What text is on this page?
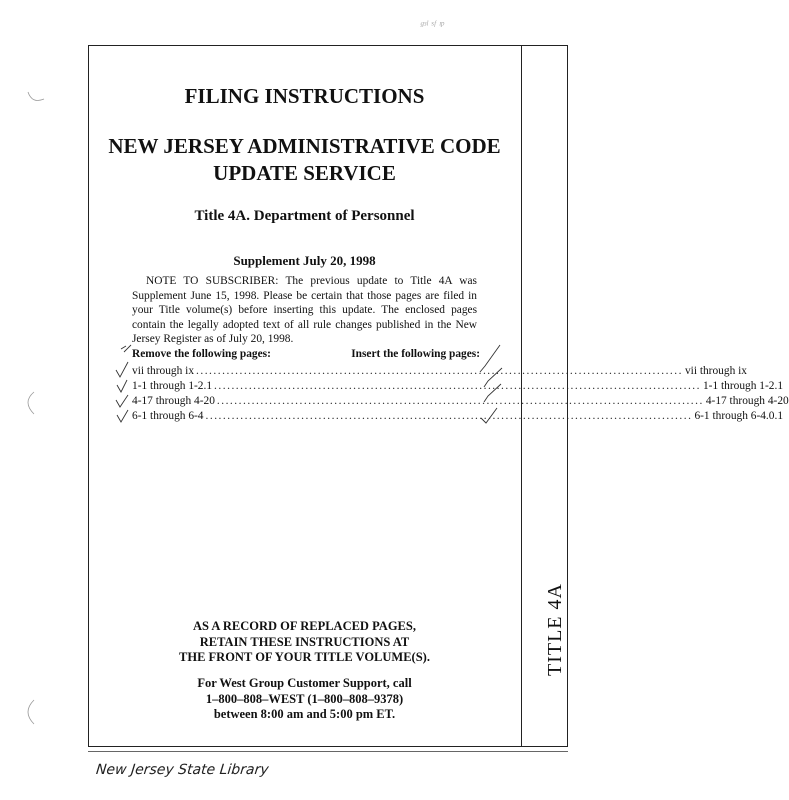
ᵍᵌˡ ˢᶠ ᶦᵖ
TITLE 4A
FILING INSTRUCTIONS
NEW JERSEY ADMINISTRATIVE CODE
UPDATE SERVICE
Title 4A. Department of Personnel
Supplement July 20, 1998
NOTE TO SUBSCRIBER: The previous update to Title 4A was Supplement June 15, 1998. Please be certain that those pages are filed in your Title volume(s) before inserting this update. The enclosed pages contain the legally adopted text of all rule changes published in the New Jersey Register as of July 20, 1998.
Remove the following pages:	Insert the following pages:
vii through ix ................................................................................................................ vii through ix
1-1 through 1-2.1 ................................................................................................................ 1-1 through 1-2.1
4-17 through 4-20 ................................................................................................................ 4-17 through 4-20
6-1 through 6-4 ................................................................................................................ 6-1 through 6-4.0.1
AS A RECORD OF REPLACED PAGES,
RETAIN THESE INSTRUCTIONS AT
THE FRONT OF YOUR TITLE VOLUME(S).
For West Group Customer Support, call
1–800–808–WEST (1–800–808–9378)
between 8:00 am and 5:00 pm ET.
New Jersey State Library
